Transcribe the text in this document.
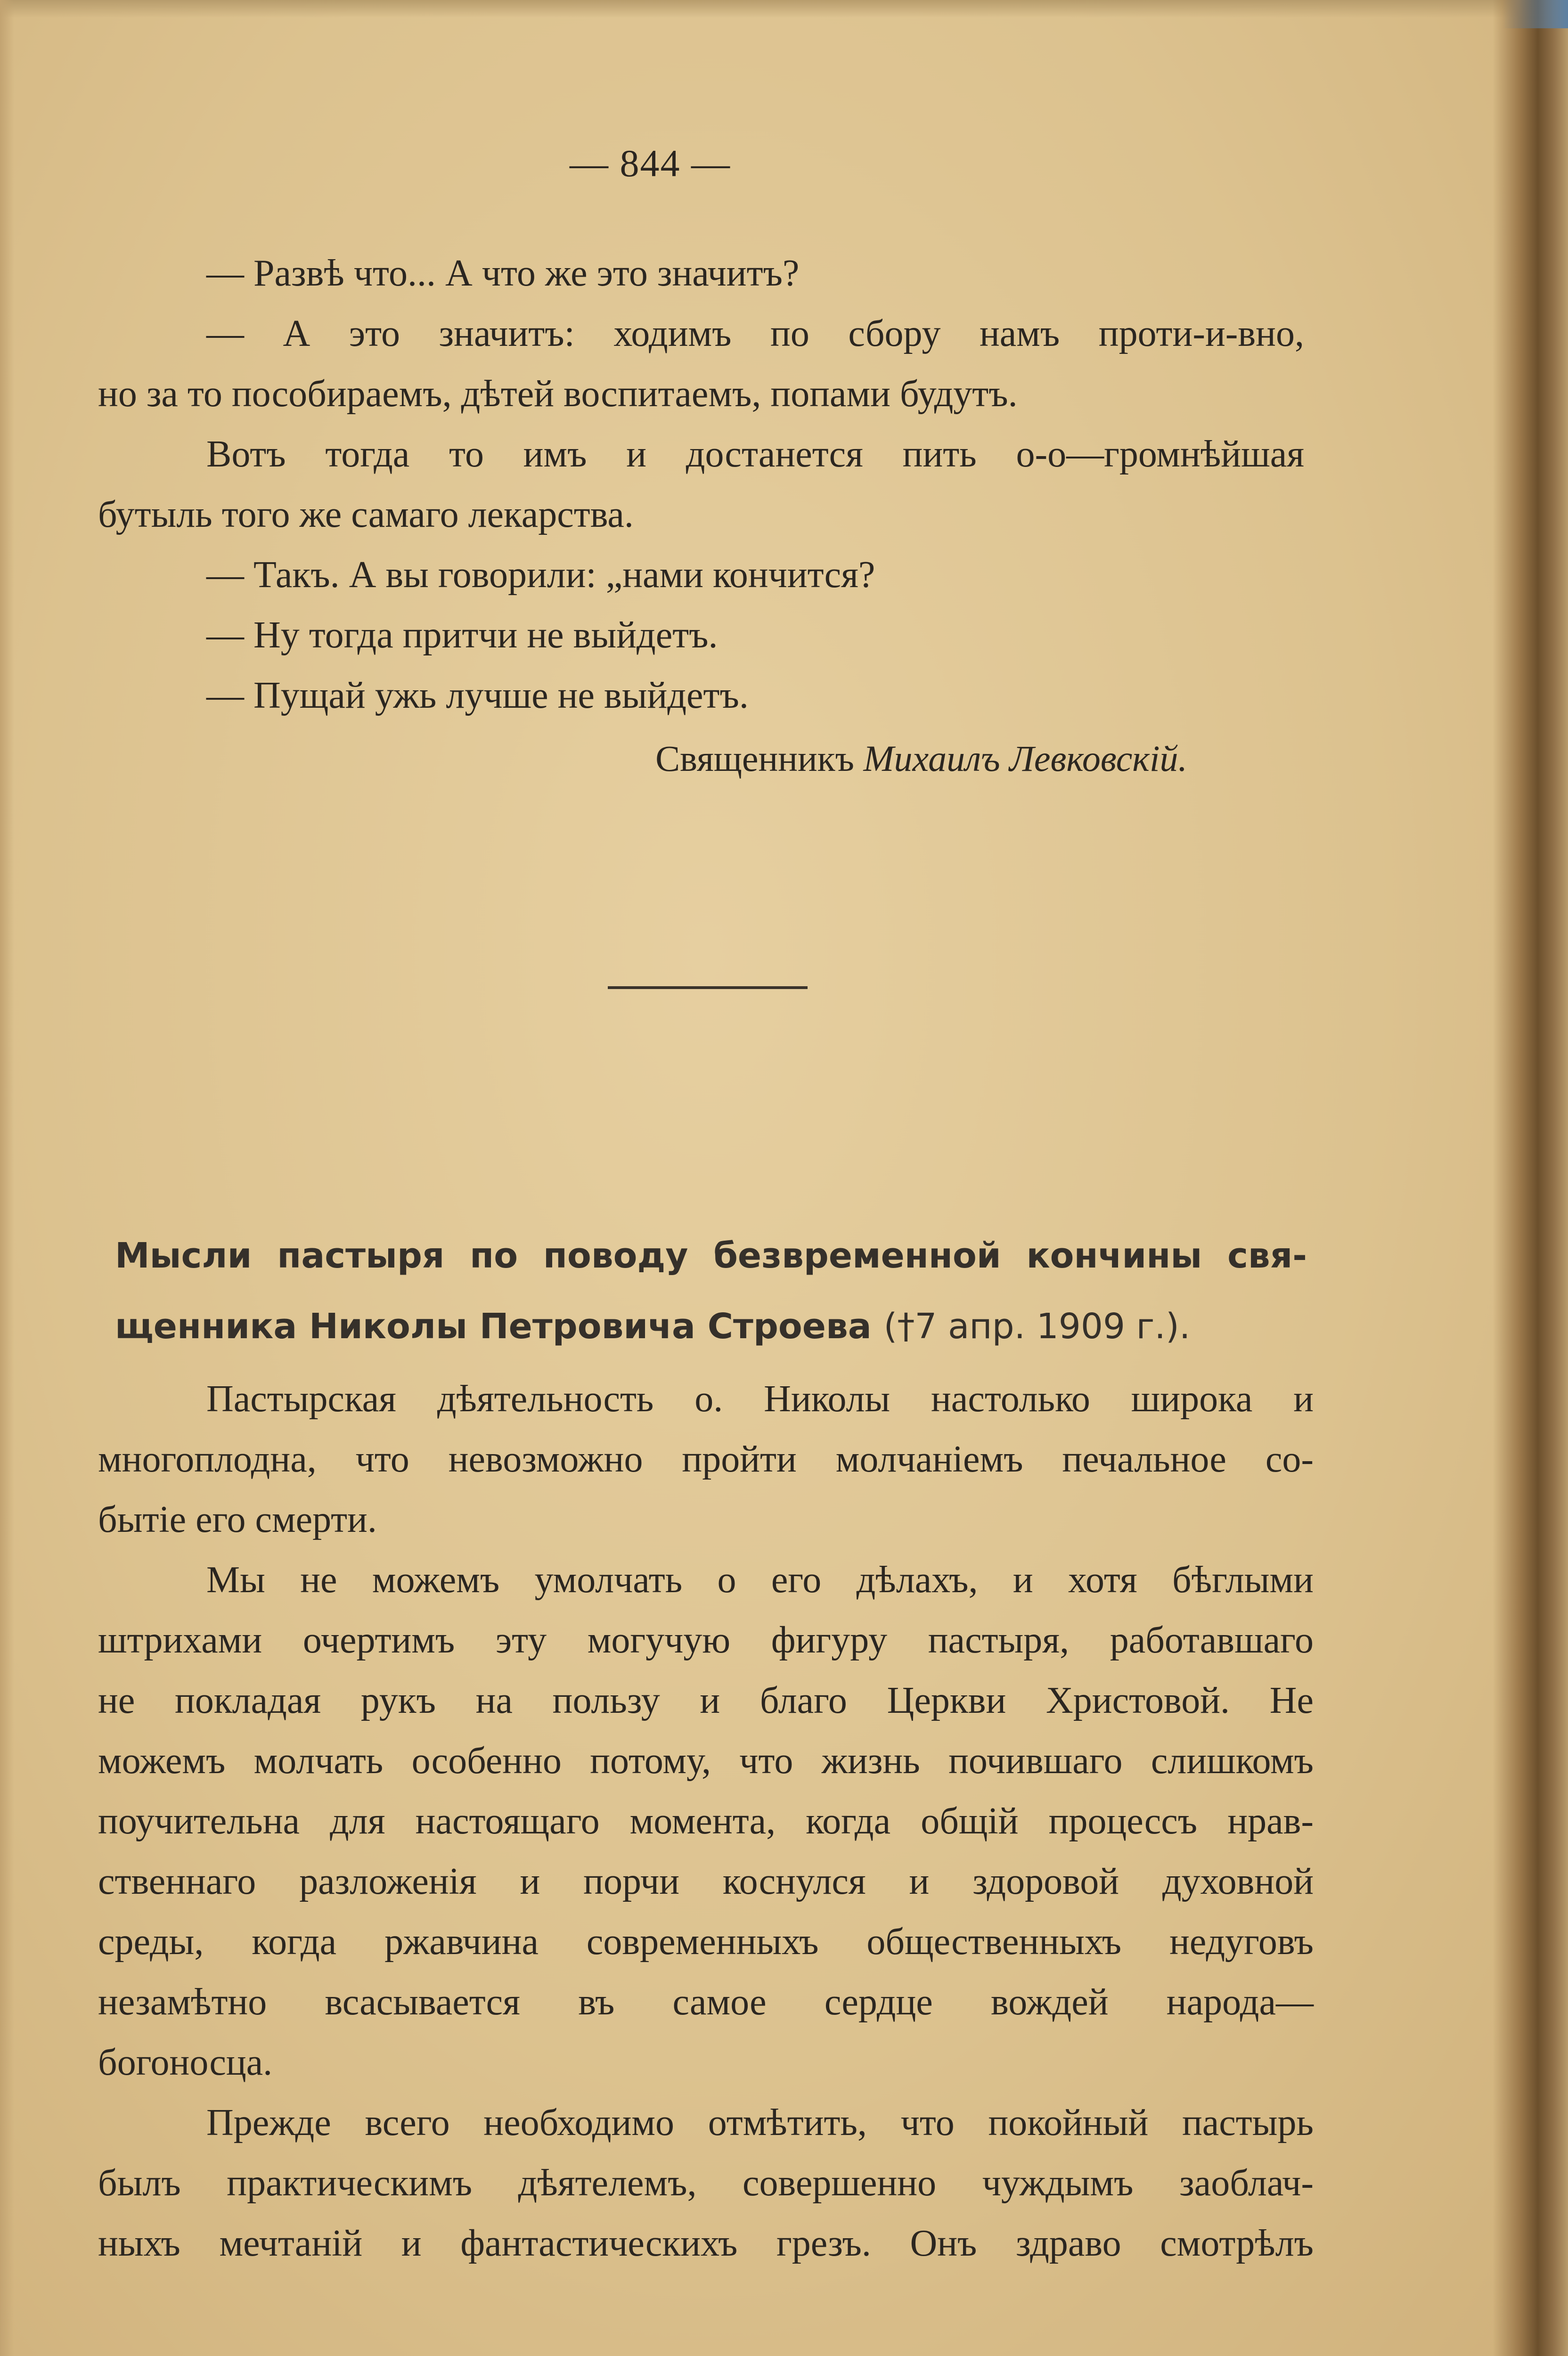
— 844 —
— Развѣ что... А что же это значитъ?
— А это значитъ: ходимъ по сбору намъ проти-и-вно,
но за то пособираемъ, дѣтей воспитаемъ, попами будутъ.
Вотъ тогда то имъ и достанется пить о-о—громнѣйшая
бутыль того же самаго лекарства.
— Такъ. А вы говорили: „нами кончится?
— Ну тогда притчи не выйдетъ.
— Пущай ужь лучше не выйдетъ.
Священникъ Михаилъ Левковскій.
Мысли пастыря по поводу безвременной кончины свя-
щенника Николы Петровича Строева (†7 апр. 1909 г.).
Пастырская дѣятельность о. Николы настолько широка и
многоплодна, что невозможно пройти молчаніемъ печальное со-
бытіе его смерти.
Мы не можемъ умолчать о его дѣлахъ, и хотя бѣглыми
штрихами очертимъ эту могучую фигуру пастыря, работавшаго
не покладая рукъ на пользу и благо Церкви Христовой. Не
можемъ молчать особенно потому, что жизнь почившаго слишкомъ
поучительна для настоящаго момента, когда общій процессъ нрав-
ственнаго разложенія и порчи коснулся и здоровой духовной
среды, когда ржавчина современныхъ общественныхъ недуговъ
незамѣтно всасывается въ самое сердце вождей народа—
богоносца.
Прежде всего необходимо отмѣтить, что покойный пастырь
былъ практическимъ дѣятелемъ, совершенно чуждымъ заоблач-
ныхъ мечтаній и фантастическихъ грезъ. Онъ здраво смотрѣлъ
